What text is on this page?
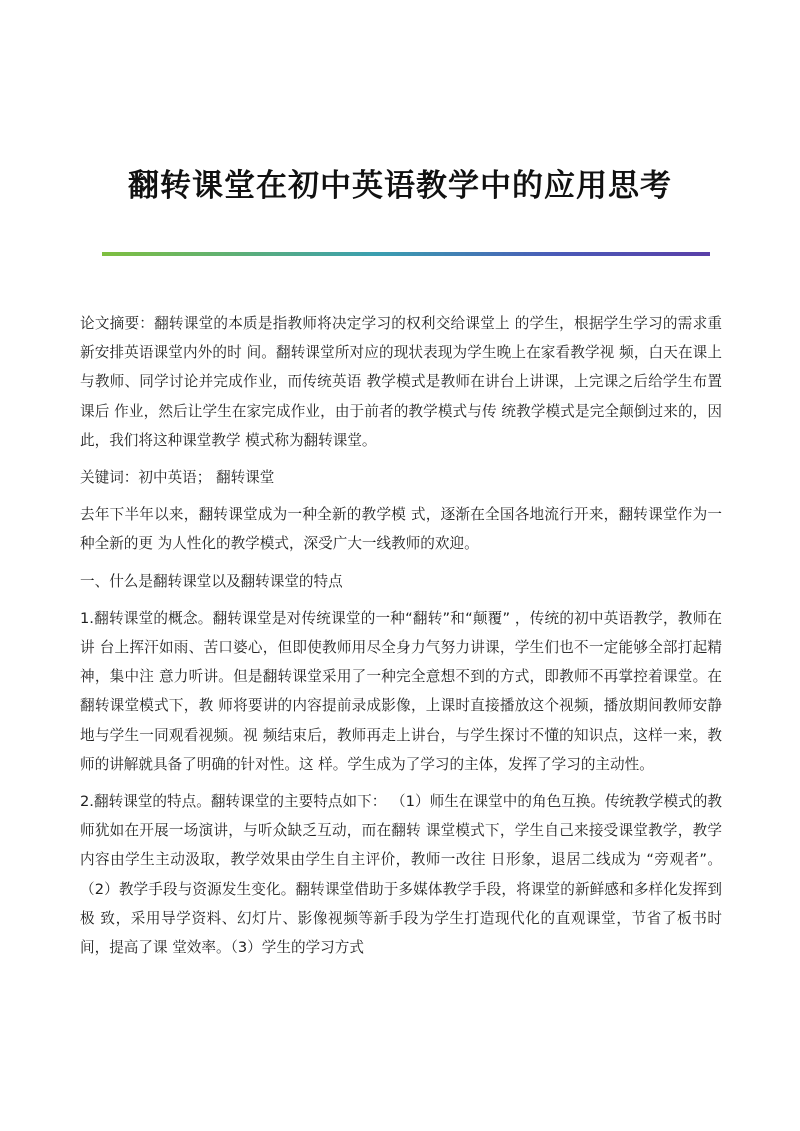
翻转课堂在初中英语教学中的应用思考

论文摘要：翻转课堂的本质是指教师将决定学习的权利交给课堂上 的学生，根据学生学习的需求重新安排英语课堂内外的时 间。翻转课堂所对应的现状表现为学生晚上在家看教学视 频，白天在课上与教师、同学讨论并完成作业，而传统英语 教学模式是教师在讲台上讲课，上完课之后给学生布置课后 作业，然后让学生在家完成作业，由于前者的教学模式与传 统教学模式是完全颠倒过来的，因此，我们将这种课堂教学 模式称为翻转课堂。

关键词：初中英语； 翻转课堂

去年下半年以来，翻转课堂成为一种全新的教学模 式，逐渐在全国各地流行开来，翻转课堂作为一种全新的更 为人性化的教学模式，深受广大一线教师的欢迎。

一、什么是翻转课堂以及翻转课堂的特点

1.翻转课堂的概念。翻转课堂是对传统课堂的一种“翻转”和“颠覆” ，传统的初中英语教学，教师在讲 台上挥汗如雨、苦口婆心，但即使教师用尽全身力气努力讲课，学生们也不一定能够全部打起精神，集中注 意力听讲。但是翻转课堂采用了一种完全意想不到的方式，即教师不再掌控着课堂。在翻转课堂模式下，教 师将要讲的内容提前录成影像，上课时直接播放这个视频，播放期间教师安静地与学生一同观看视频。视 频结束后，教师再走上讲台，与学生探讨不懂的知识点，这样一来，教师的讲解就具备了明确的针对性。这 样。学生成为了学习的主体，发挥了学习的主动性。

2.翻转课堂的特点。翻转课堂的主要特点如下： （1）师生在课堂中的角色互换。传统教学模式的教师犹如在开展一场演讲，与听众缺乏互动，而在翻转 课堂模式下，学生自己来接受课堂教学，教学内容由学生主动汲取，教学效果由学生自主评价，教师一改往 日形象，退居二线成为 “旁观者”。 （2）教学手段与资源发生变化。翻转课堂借助于多媒体教学手段，将课堂的新鲜感和多样化发挥到极 致，采用导学资料、幻灯片、影像视频等新手段为学生打造现代化的直观课堂，节省了板书时间，提高了课 堂效率。（3）学生的学习方式
